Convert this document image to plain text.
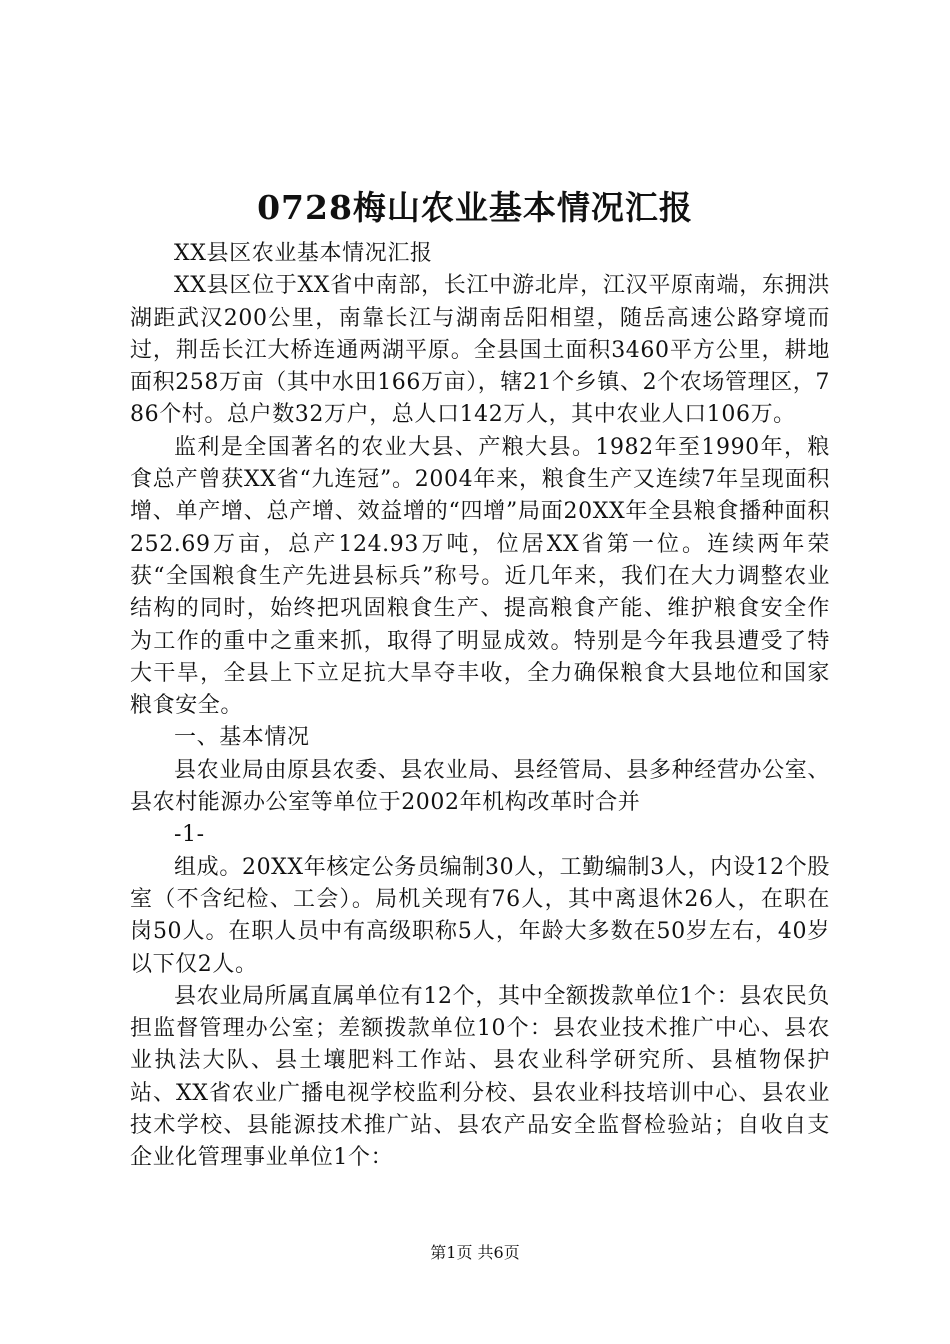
0728梅山农业基本情况汇报

XX县区农业基本情况汇报

XX县区位于XX省中南部，长江中游北岸，江汉平原南端，东拥洪湖距武汉200公里，南靠长江与湖南岳阳相望，随岳高速公路穿境而过，荆岳长江大桥连通两湖平原。全县国土面积3460平方公里，耕地面积258万亩（其中水田166万亩），辖21个乡镇、2个农场管理区，786个村。总户数32万户，总人口142万人，其中农业人口106万。

监利是全国著名的农业大县、产粮大县。1982年至1990年，粮食总产曾获XX省“九连冠”。2004年来，粮食生产又连续7年呈现面积增、单产增、总产增、效益增的“四增”局面20XX年全县粮食播种面积252.69万亩，总产124.93万吨，位居XX省第一位。连续两年荣获“全国粮食生产先进县标兵”称号。近几年来，我们在大力调整农业结构的同时，始终把巩固粮食生产、提高粮食产能、维护粮食安全作为工作的重中之重来抓，取得了明显成效。特别是今年我县遭受了特大干旱，全县上下立足抗大旱夺丰收，全力确保粮食大县地位和国家粮食安全。

一、基本情况

县农业局由原县农委、县农业局、县经管局、县多种经营办公室、县农村能源办公室等单位于2002年机构改革时合并

-1-

组成。20XX年核定公务员编制30人，工勤编制3人，内设12个股室（不含纪检、工会）。局机关现有76人，其中离退休26人，在职在岗50人。在职人员中有高级职称5人，年龄大多数在50岁左右，40岁以下仅2人。

县农业局所属直属单位有12个，其中全额拨款单位1个：县农民负担监督管理办公室；差额拨款单位10个：县农业技术推广中心、县农业执法大队、县土壤肥料工作站、县农业科学研究所、县植物保护站、XX省农业广播电视学校监利分校、县农业科技培训中心、县农业技术学校、县能源技术推广站、县农产品安全监督检验站；自收自支企业化管理事业单位1个：

第1页 共6页
